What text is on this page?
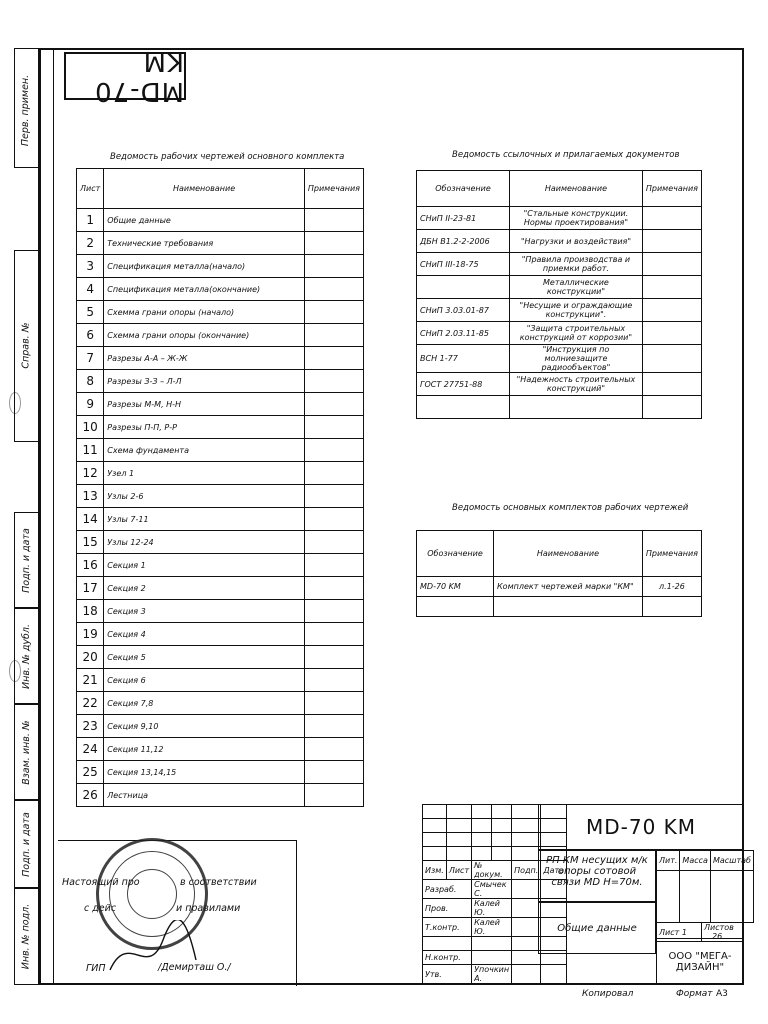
Перв. примен.
Справ. №
Подп. и дата
Инв. № дубл.
Взам. инв. №
Подп. и дата
Инв. № подл.
MD-70 KM
Ведомость рабочих чертежей основного комплекта
Лист	Наименование	Примечания
1	Общие данные	
2	Технические требования	
3	Спецификация металла(начало)	
4	Спецификация металла(окончание)	
5	Схемма грани опоры (начало)	
6	Схемма грани опоры (окончание)	
7	Разрезы А-А – Ж-Ж	
8	Разрезы З-З – Л-Л	
9	Разрезы М-М, Н-Н	
10	Разрезы П-П, Р-Р	
11	Схема фундамента	
12	Узел 1	
13	Узлы 2-6	
14	Узлы 7-11	
15	Узлы 12-24	
16	Секция 1	
17	Секция 2	
18	Секция 3	
19	Секция 4	
20	Секция 5	
21	Секция 6	
22	Секция 7,8	
23	Секция 9,10	
24	Секция 11,12	
25	Секция 13,14,15	
26	Лестница	
Ведомость ссылочных и прилагаемых документов
Обозначение	Наименование	Примечания
СНиП II-23-81	"Стальные конструкции. Нормы проектирования"	
ДБН В1.2-2-2006	"Нагрузки и воздействия"	
СНиП III-18-75	"Правила производства и приемки работ.	
	Металлические конструкции"	
СНиП 3.03.01-87	"Несущие и ограждающие конструкции".	
СНиП 2.03.11-85	"Защита строительных конструкций от коррозии"	
ВСН 1-77	"Инструкция по молниезащите радиообъектов"	
ГОСТ 27751-88	"Надежность строительных конструкций"	

Ведомость основных комплектов рабочих чертежей
Обозначение	Наименование	Примечания
MD-70 KM	Комплект чертежей марки "КМ"	л.1-26

Настоящий про	в соответствии
с дейс	и правилами
ГИП	/Демирташ О./

Изм.	Лист	№ докум.		Подп.	Дата
Разраб.		Смычек С.			
Пров.		Калей Ю.			
Т.контр.		Калей Ю.			

Н.контр.					
Утв.		Упочкин А.			
MD-70 KM
РП КМ несущих м/к опоры сотовой связи MD H=70м.
Общие данные
Лит.	Масса	Масштаб

Лист 1	Листов 26
ООО "МЕГА-ДИЗАЙН"
Копировал	Формат А3
